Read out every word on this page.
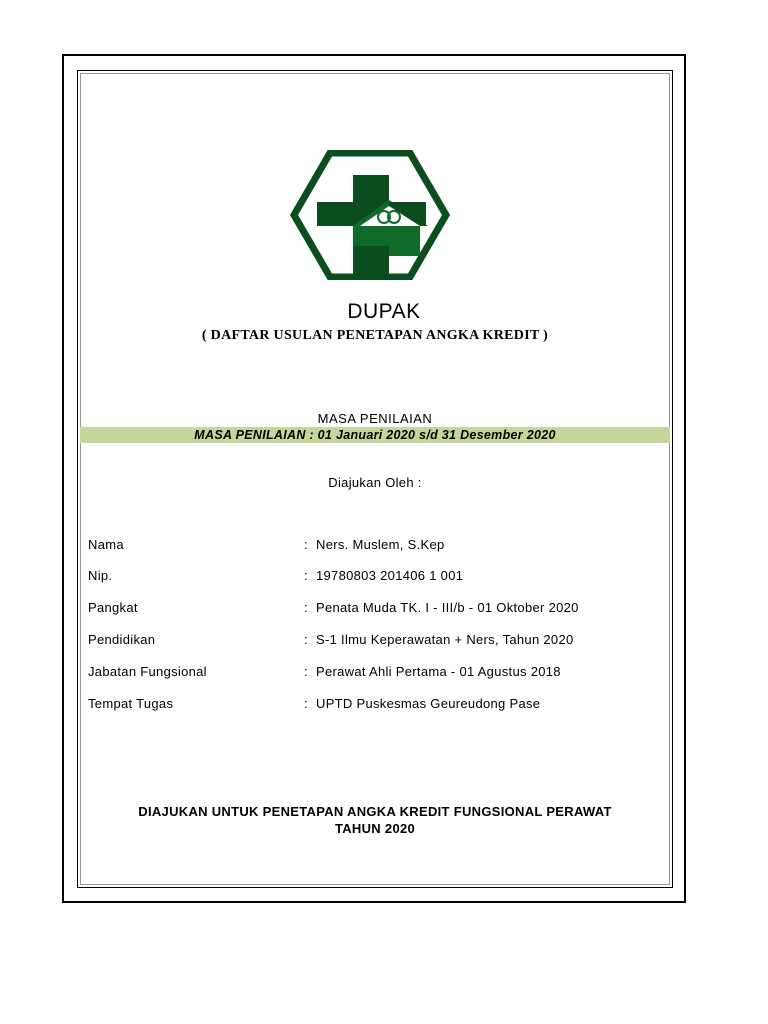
DUPAK
( DAFTAR USULAN PENETAPAN ANGKA KREDIT )
MASA PENILAIAN
MASA PENILAIAN : 01 Januari 2020 s/d 31 Desember 2020
Diajukan Oleh :
Nama	: Ners. Muslem, S.Kep
Nip.	: 19780803 201406 1 001
Pangkat	: Penata Muda TK. I - III/b - 01 Oktober 2020
Pendidikan	: S-1 Ilmu Keperawatan + Ners, Tahun 2020
Jabatan Fungsional	: Perawat Ahli Pertama - 01 Agustus 2018
Tempat Tugas	: UPTD Puskesmas Geureudong Pase
DIAJUKAN UNTUK PENETAPAN ANGKA KREDIT FUNGSIONAL PERAWAT
TAHUN 2020
